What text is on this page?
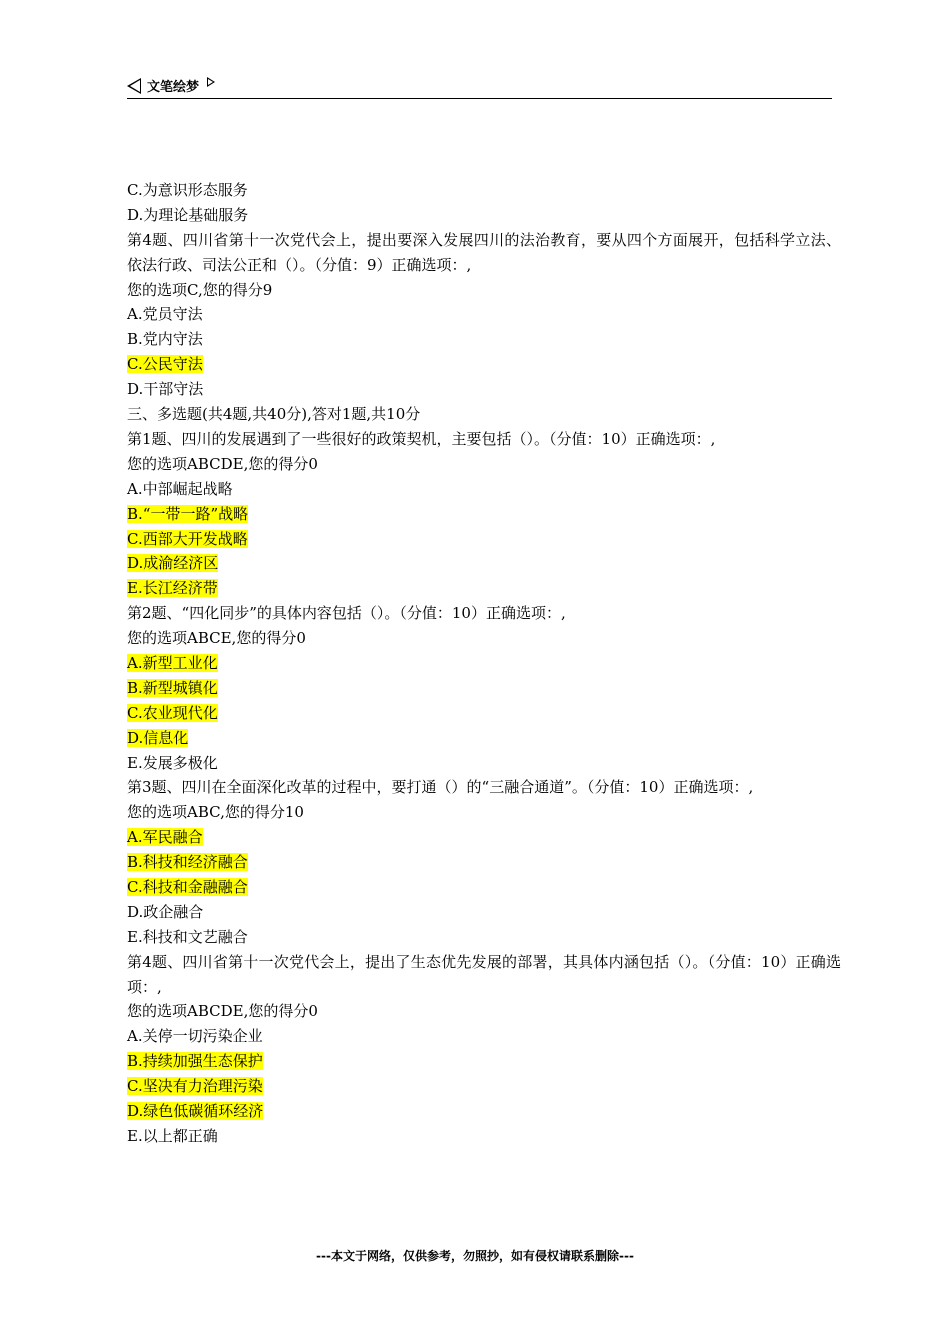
文笔绘梦
C.为意识形态服务
D.为理论基础服务
第4题、四川省第十一次党代会上，提出要深入发展四川的法治教育，要从四个方面展开，包括科学立法、依法行政、司法公正和（）。（分值：9）正确选项：,
您的选项C,您的得分9
A.党员守法
B.党内守法
C.公民守法
D.干部守法
三、多选题(共4题,共40分),答对1题,共10分
第1题、四川的发展遇到了一些很好的政策契机，主要包括（）。（分值：10）正确选项：,
您的选项ABCDE,您的得分0
A.中部崛起战略
B.“一带一路”战略
C.西部大开发战略
D.成渝经济区
E.长江经济带
第2题、“四化同步”的具体内容包括（）。（分值：10）正确选项：,
您的选项ABCE,您的得分0
A.新型工业化
B.新型城镇化
C.农业现代化
D.信息化
E.发展多极化
第3题、四川在全面深化改革的过程中，要打通（）的“三融合通道”。（分值：10）正确选项：,
您的选项ABC,您的得分10
A.军民融合
B.科技和经济融合
C.科技和金融融合
D.政企融合
E.科技和文艺融合
第4题、四川省第十一次党代会上，提出了生态优先发展的部署，其具体内涵包括（）。（分值：10）正确选项：,
您的选项ABCDE,您的得分0
A.关停一切污染企业
B.持续加强生态保护
C.坚决有力治理污染
D.绿色低碳循环经济
E.以上都正确
---本文于网络，仅供参考，勿照抄，如有侵权请联系删除---
